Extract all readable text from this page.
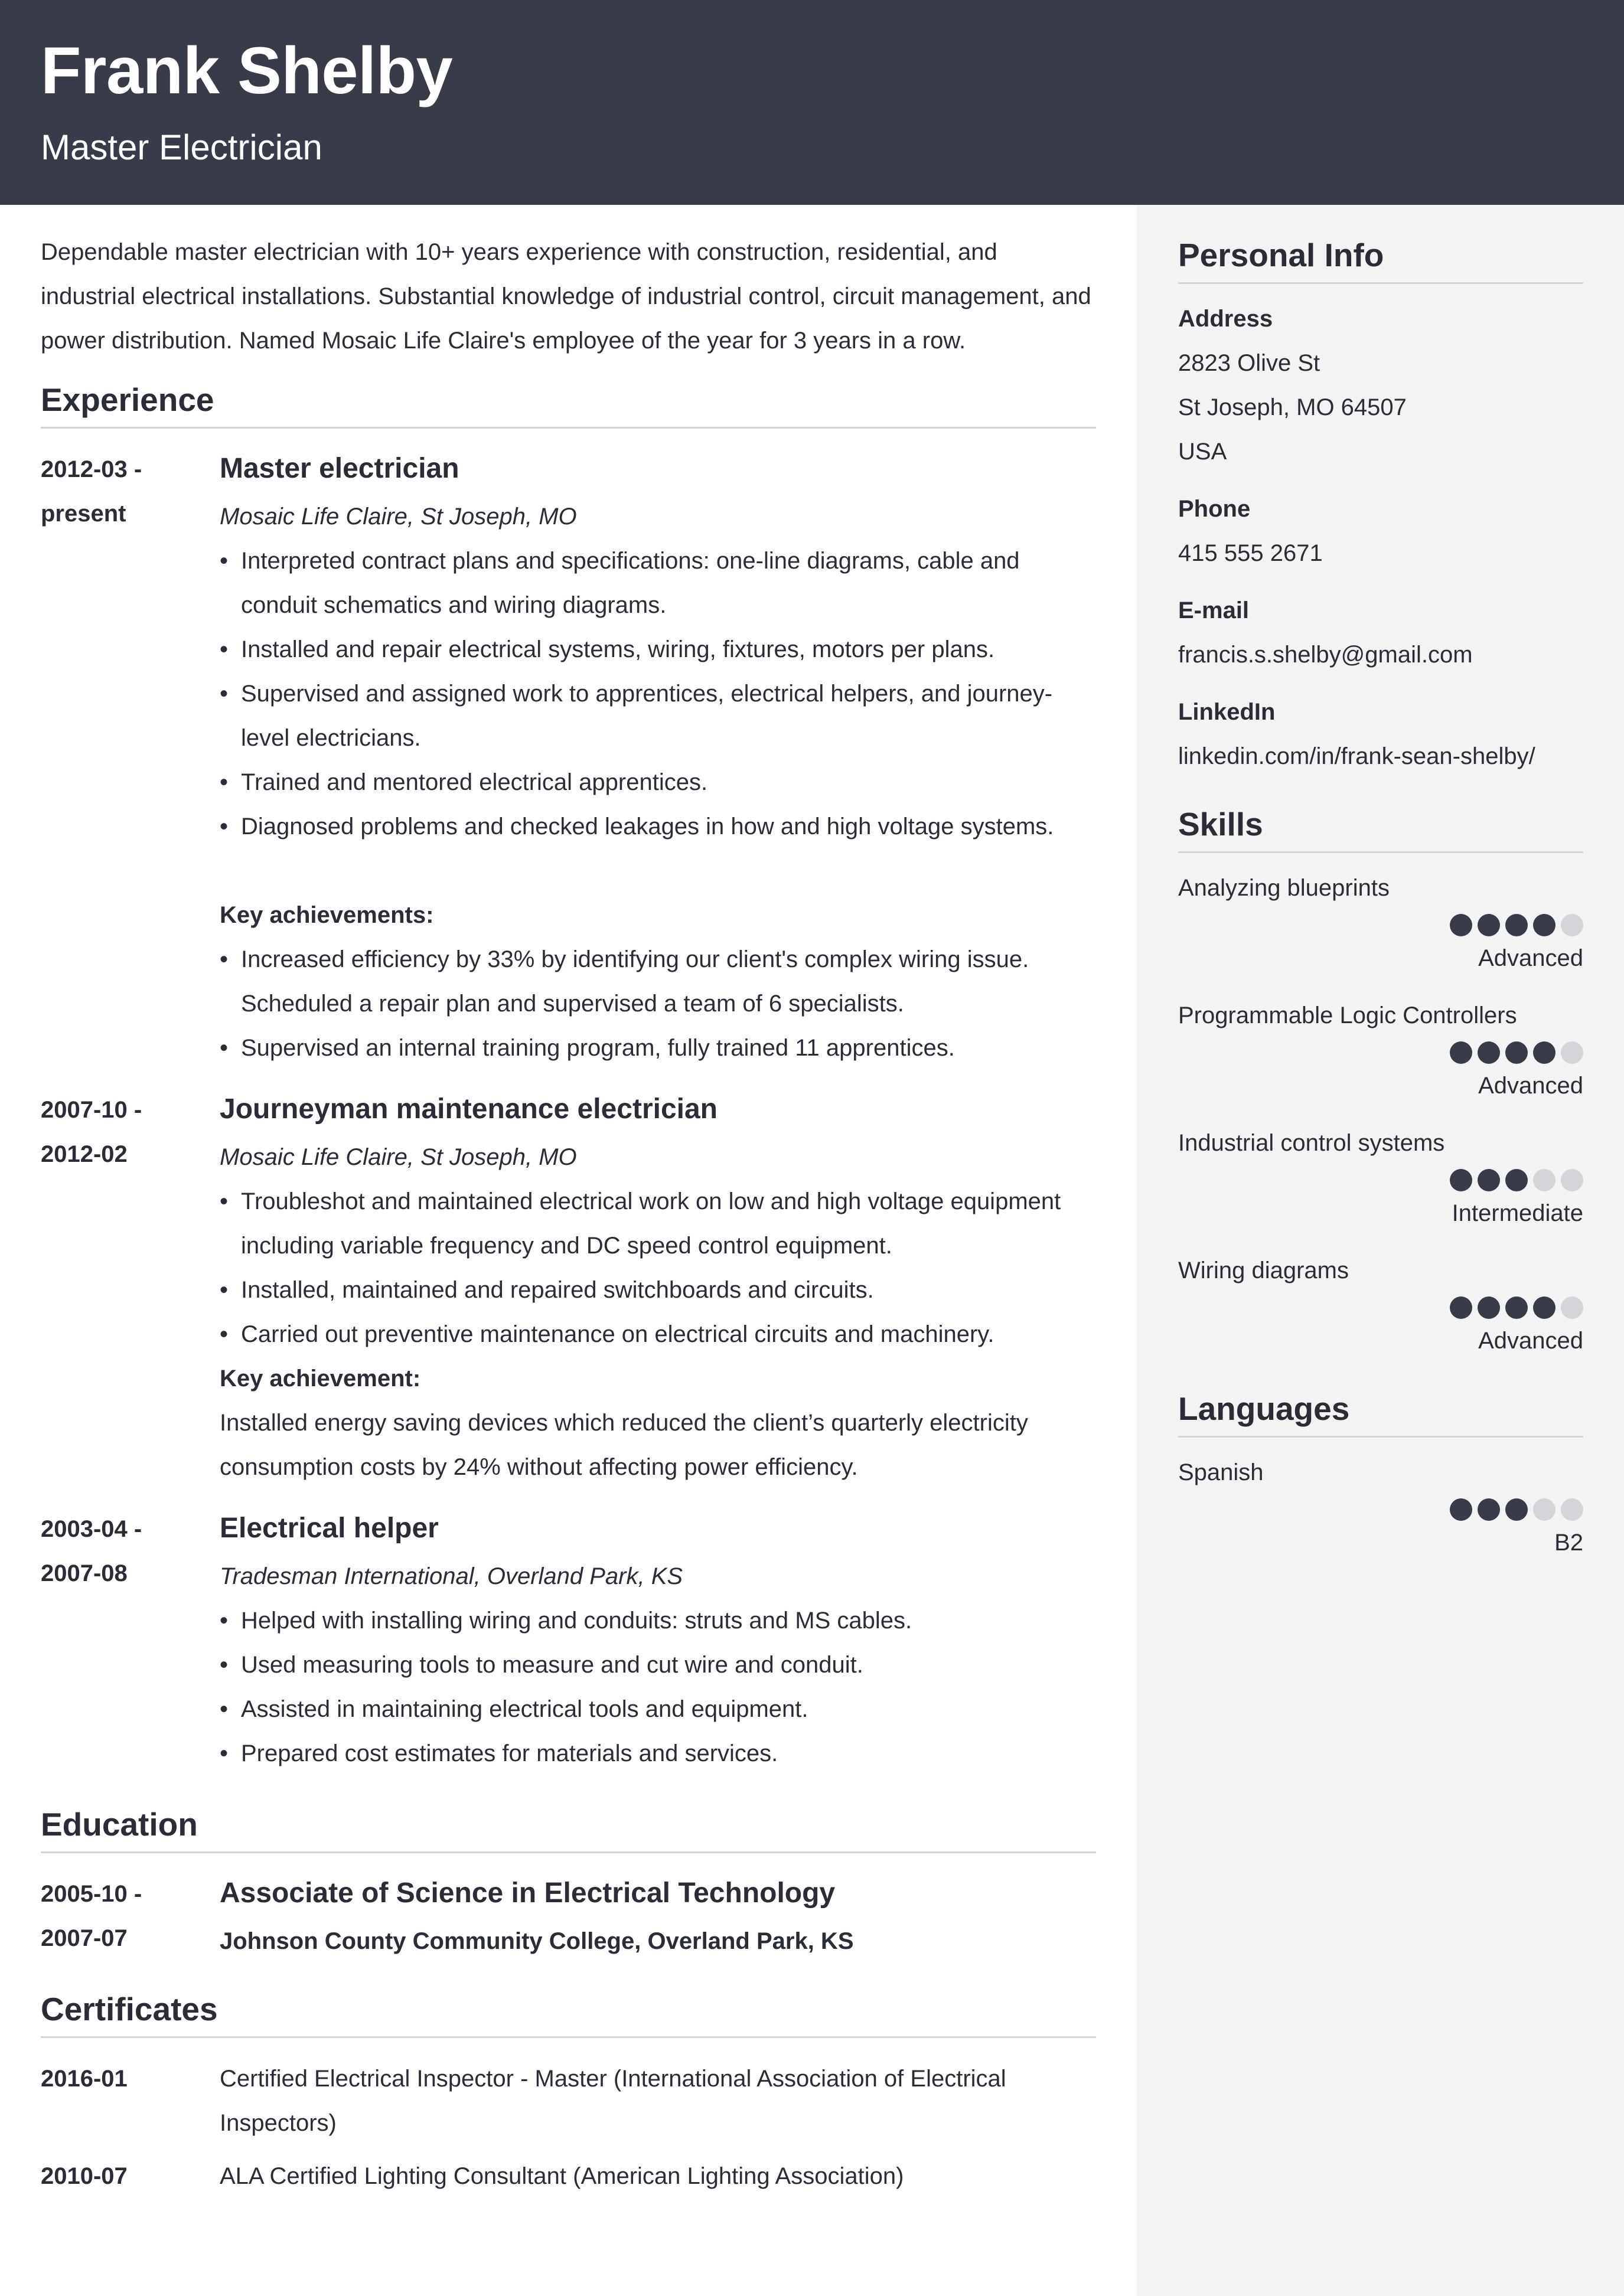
Frank Shelby
Master Electrician

Dependable master electrician with 10+ years experience with construction, residential, and industrial electrical installations. Substantial knowledge of industrial control, circuit management, and power distribution. Named Mosaic Life Claire's employee of the year for 3 years in a row.

Experience
2012-03 -
present
Master electrician
Mosaic Life Claire, St Joseph, MO
• Interpreted contract plans and specifications: one-line diagrams, cable and conduit schematics and wiring diagrams.
• Installed and repair electrical systems, wiring, fixtures, motors per plans.
• Supervised and assigned work to apprentices, electrical helpers, and journey-level electricians.
• Trained and mentored electrical apprentices.
• Diagnosed problems and checked leakages in how and high voltage systems.
Key achievements:
• Increased efficiency by 33% by identifying our client's complex wiring issue. Scheduled a repair plan and supervised a team of 6 specialists.
• Supervised an internal training program, fully trained 11 apprentices.
2007-10 -
2012-02
Journeyman maintenance electrician
Mosaic Life Claire, St Joseph, MO
• Troubleshot and maintained electrical work on low and high voltage equipment including variable frequency and DC speed control equipment.
• Installed, maintained and repaired switchboards and circuits.
• Carried out preventive maintenance on electrical circuits and machinery.
Key achievement:
Installed energy saving devices which reduced the client’s quarterly electricity consumption costs by 24% without affecting power efficiency.
2003-04 -
2007-08
Electrical helper
Tradesman International, Overland Park, KS
• Helped with installing wiring and conduits: struts and MS cables.
• Used measuring tools to measure and cut wire and conduit.
• Assisted in maintaining electrical tools and equipment.
• Prepared cost estimates for materials and services.
Education
2005-10 -
2007-07
Associate of Science in Electrical Technology
Johnson County Community College, Overland Park, KS
Certificates
2016-01	Certified Electrical Inspector - Master (International Association of Electrical Inspectors)
2010-07	ALA Certified Lighting Consultant (American Lighting Association)
Personal Info
Address
2823 Olive St
St Joseph, MO 64507
USA
Phone
415 555 2671
E-mail
francis.s.shelby@gmail.com
LinkedIn
linkedin.com/in/frank-sean-shelby/
Skills
Analyzing blueprints
Advanced
Programmable Logic Controllers
Advanced
Industrial control systems
Intermediate
Wiring diagrams
Advanced
Languages
Spanish
B2
